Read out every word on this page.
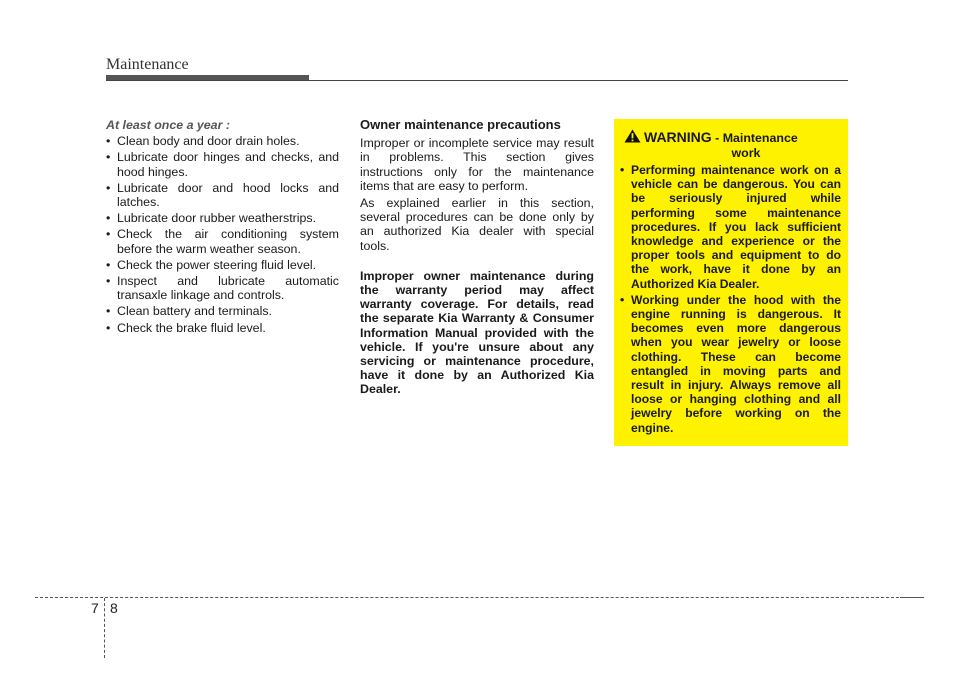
Maintenance
At least once a year :
• Clean body and door drain holes.
• Lubricate door hinges and checks, and hood hinges.
• Lubricate door and hood locks and latches.
• Lubricate door rubber weatherstrips.
• Check the air conditioning system before the warm weather season.
• Check the power steering fluid level.
• Inspect and lubricate automatic transaxle linkage and controls.
• Clean battery and terminals.
• Check the brake fluid level.
Owner maintenance precautions

Improper or incomplete service may result in problems. This section gives instructions only for the maintenance items that are easy to perform.

As explained earlier in this section, several procedures can be done only by an authorized Kia dealer with special tools.

Improper owner maintenance during the warranty period may affect warranty coverage. For details, read the separate Kia Warranty & Consumer Information Manual provided with the vehicle. If you're unsure about any servicing or maintenance procedure, have it done by an Authorized Kia Dealer.

WARNING - Maintenance
work
• Performing maintenance work on a vehicle can be dangerous. You can be seriously injured while performing some maintenance procedures. If you lack sufficient knowledge and experience or the proper tools and equipment to do the work, have it done by an Authorized Kia Dealer.
• Working under the hood with the engine running is dangerous. It becomes even more dangerous when you wear jewelry or loose clothing. These can become entangled in moving parts and result in injury. Always remove all loose or hanging clothing and all jewelry before working on the engine.
7 8
